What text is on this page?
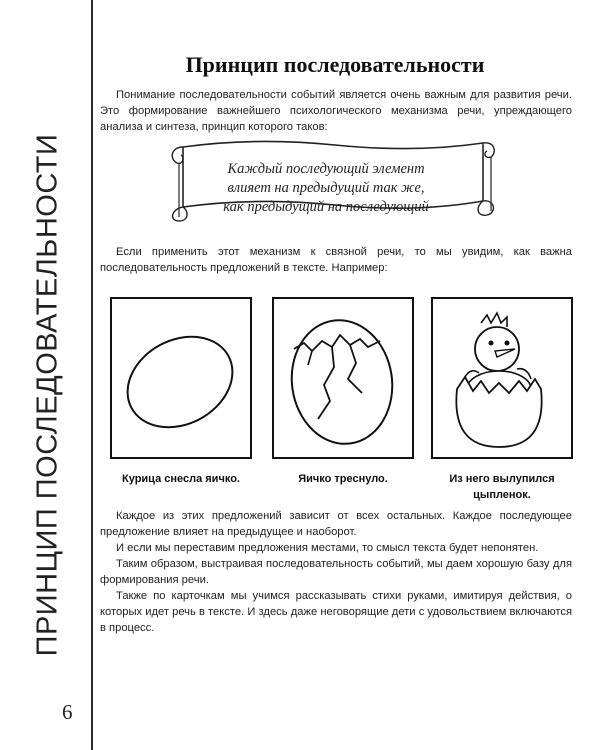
ПРИНЦИП ПОСЛЕДОВАТЕЛЬНОСТИ
Принцип последовательности

Понимание последовательности событий является очень важным для развития речи. Это формирование важнейшего психологического механизма речи, упреждающего анализа и синтеза, принцип которого таков:

Каждый последующий элемент
влияет на предыдущий так же,
как предыдущий на последующий

Если применить этот механизм к связной речи, то мы увидим, как важна последовательность предложений в тексте. Например:

Курица снесла яичко.	Яичко треснуло.	Из него вылупился цыпленок.

Каждое из этих предложений зависит от всех остальных. Каждое последующее предложение влияет на предыдущее и наоборот.

И если мы переставим предложения местами, то смысл текста будет непонятен.

Таким образом, выстраивая последовательность событий, мы даем хорошую базу для формирования речи.

Также по карточкам мы учимся рассказывать стихи руками, имитируя действия, о которых идет речь в тексте. И здесь даже неговорящие дети с удовольствием включаются в процесс.

6
